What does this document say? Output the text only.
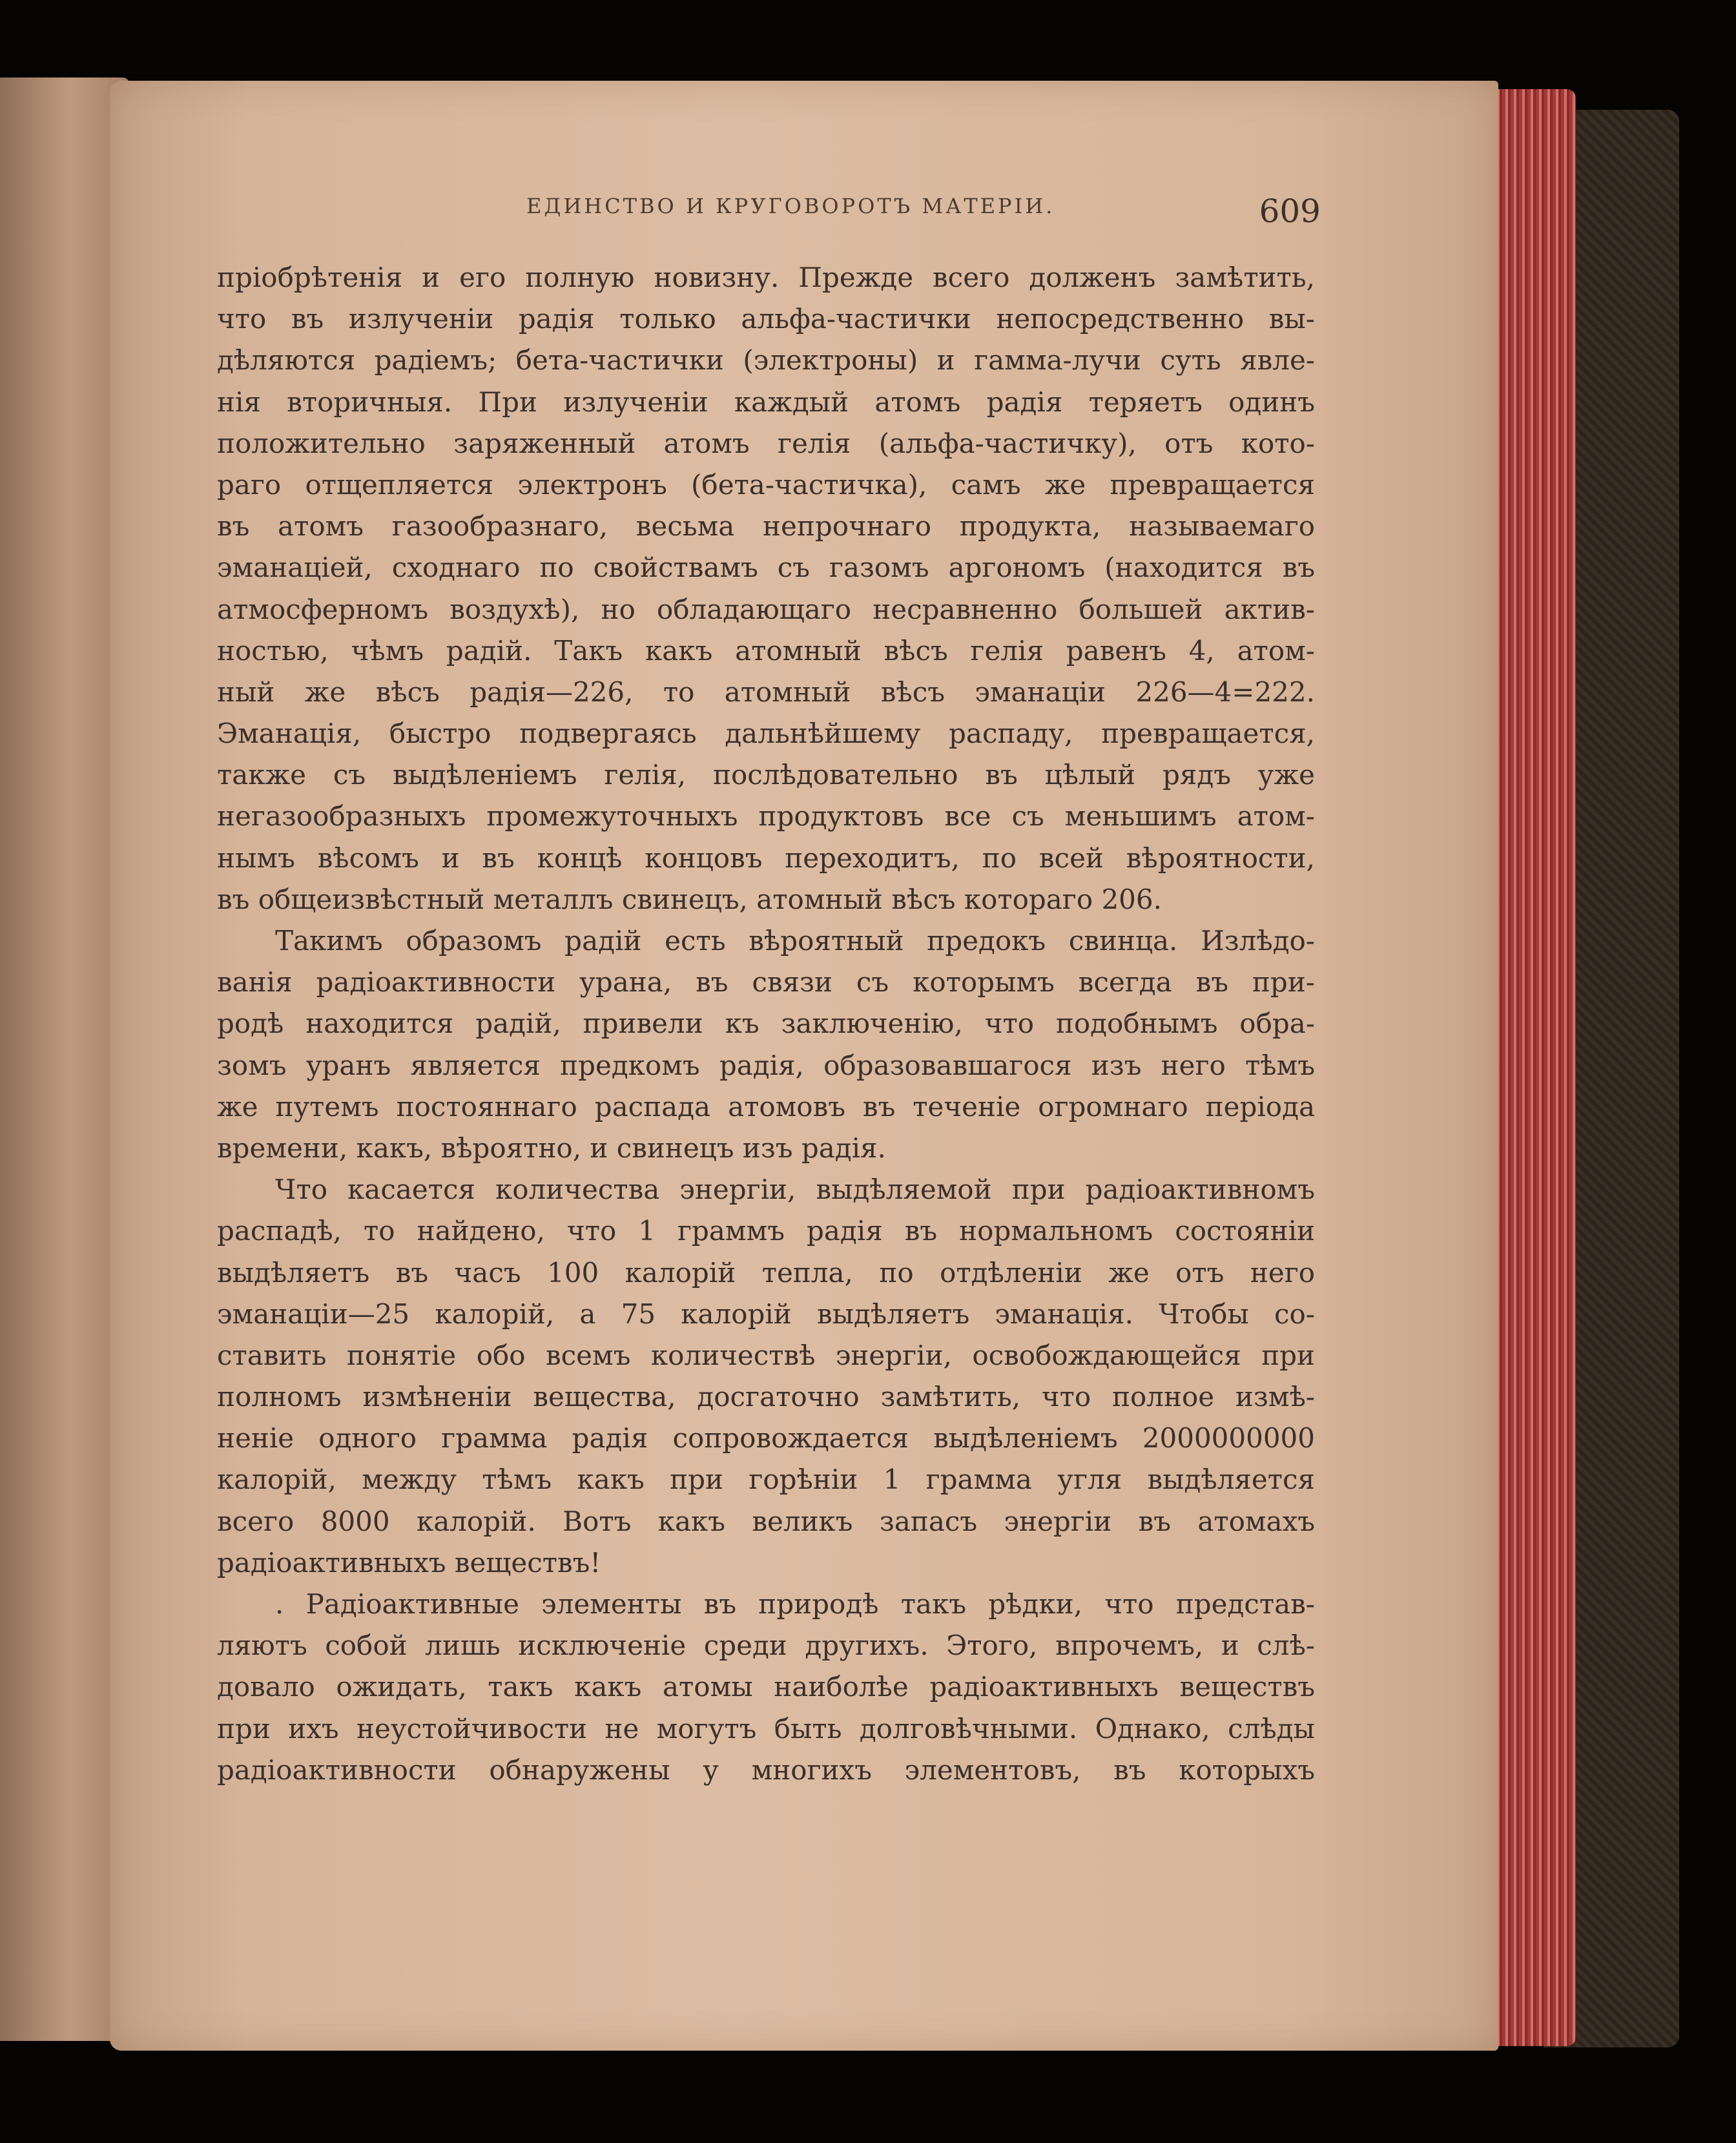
ЕДИНСТВО И КРУГОВОРОТЪ МАТЕРІИ.	609
пріобрѣтенія и его полную новизну. Прежде всего долженъ замѣтить,
что въ излученіи радія только альфа-частички непосредственно вы-
дѣляются радіемъ; бета-частички (электроны) и гамма-лучи суть явле-
нія вторичныя. При излученіи каждый атомъ радія теряетъ одинъ
положительно заряженный атомъ гелія (альфа-частичку), отъ кото-
раго отщепляется электронъ (бета-частичка), самъ же превращается
въ атомъ газообразнаго, весьма непрочнаго продукта, называемаго
эманаціей, сходнаго по свойствамъ съ газомъ аргономъ (находится въ
атмосферномъ воздухѣ), но обладающаго несравненно большей актив-
ностью, чѣмъ радій. Такъ какъ атомный вѣсъ гелія равенъ 4, атом-
ный же вѣсъ радія—226, то атомный вѣсъ эманаціи 226—4=222.
Эманація, быстро подвергаясь дальнѣйшему распаду, превращается,
также съ выдѣленіемъ гелія, послѣдовательно въ цѣлый рядъ уже
негазообразныхъ промежуточныхъ продуктовъ все съ меньшимъ атом-
нымъ вѣсомъ и въ концѣ концовъ переходитъ, по всей вѣроятности,
въ общеизвѣстный металлъ свинецъ, атомный вѣсъ котораго 206.
Такимъ образомъ радій есть вѣроятный предокъ свинца. Излѣдо-
ванія радіоактивности урана, въ связи съ которымъ всегда въ при-
родѣ находится радій, привели къ заключенію, что подобнымъ обра-
зомъ уранъ является предкомъ радія, образовавшагося изъ него тѣмъ
же путемъ постояннаго распада атомовъ въ теченіе огромнаго періода
времени, какъ, вѣроятно, и свинецъ изъ радія.
Что касается количества энергіи, выдѣляемой при радіоактивномъ
распадѣ, то найдено, что 1 граммъ радія въ нормальномъ состояніи
выдѣляетъ въ часъ 100 калорій тепла, по отдѣленіи же отъ него
эманаціи—25 калорій, а 75 калорій выдѣляетъ эманація. Чтобы со-
ставить понятіе обо всемъ количествѣ энергіи, освобождающейся при
полномъ измѣненіи вещества, досгаточно замѣтить, что полное измѣ-
неніе одного грамма радія сопровождается выдѣленіемъ 2000000000
калорій, между тѣмъ какъ при горѣніи 1 грамма угля выдѣляется
всего 8000 калорій. Вотъ какъ великъ запасъ энергіи въ атомахъ
радіоактивныхъ веществъ!
. Радіоактивные элементы въ природѣ такъ рѣдки, что представ-
ляютъ собой лишь исключеніе среди другихъ. Этого, впрочемъ, и слѣ-
довало ожидать, такъ какъ атомы наиболѣе радіоактивныхъ веществъ
при ихъ неустойчивости не могутъ быть долговѣчными. Однако, слѣды
радіоактивности обнаружены у многихъ элементовъ, въ которыхъ
